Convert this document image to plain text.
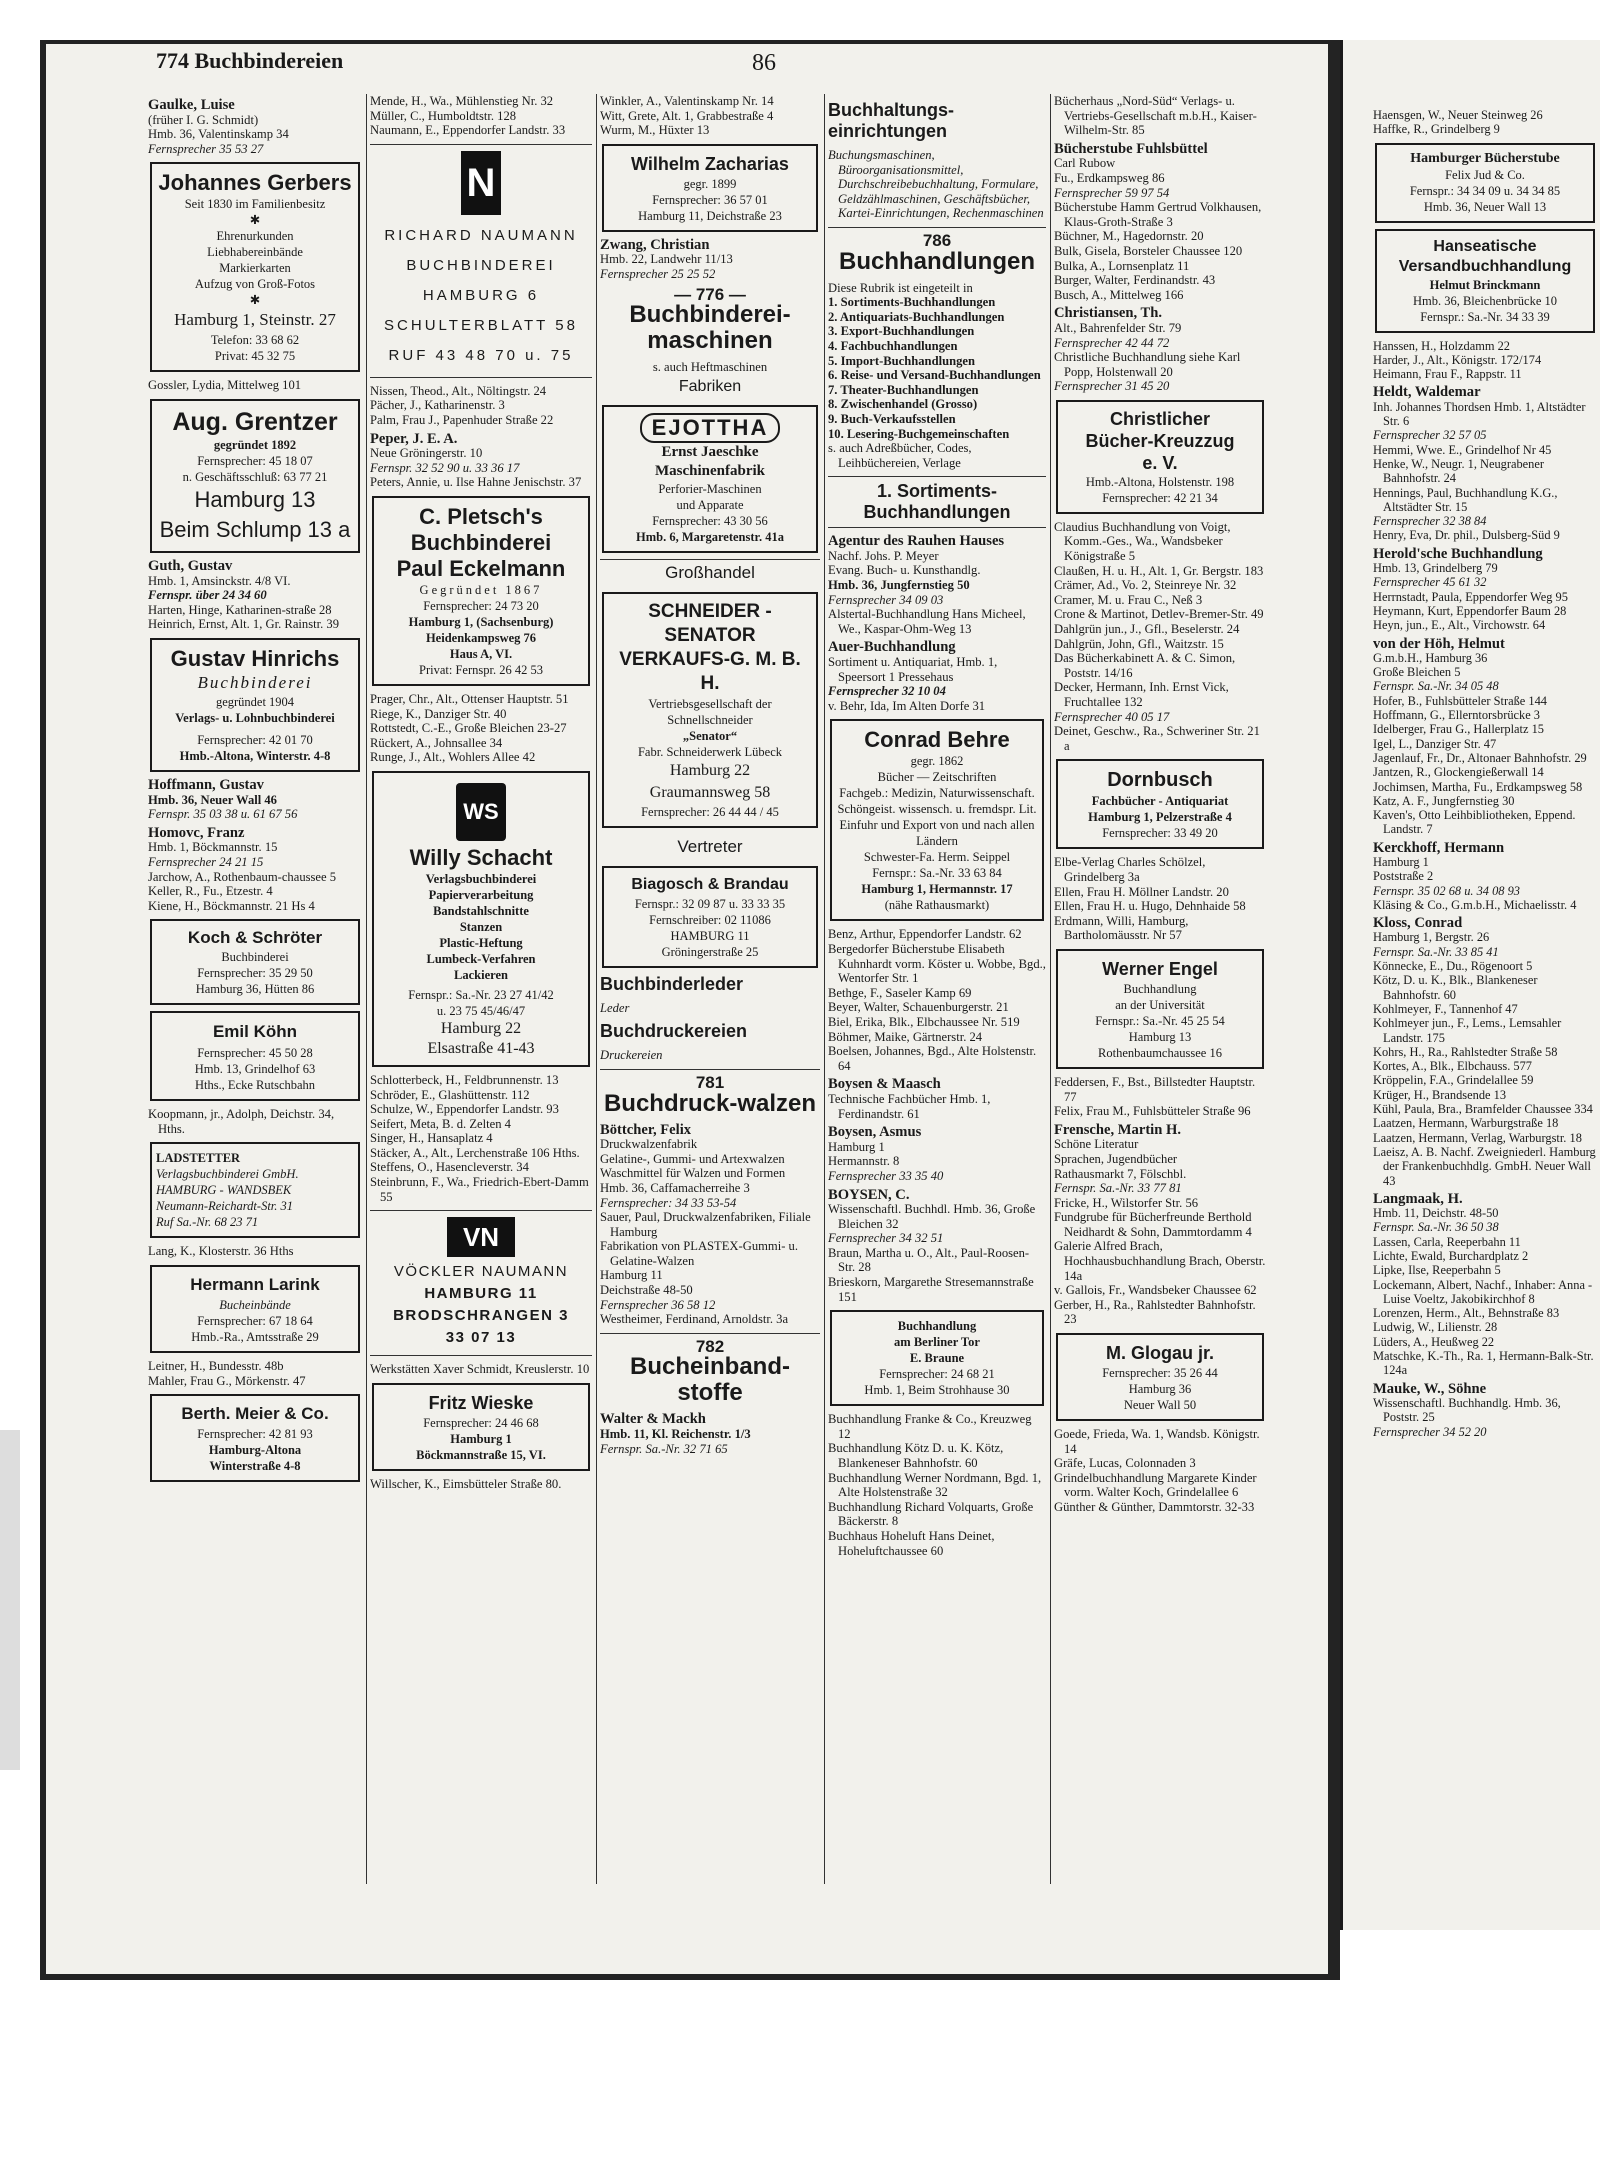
774 Buchbindereien	86
Gaulke, Luise
(früher I. G. Schmidt)
Hmb. 36, Valentinskamp 34
Fernsprecher 35 53 27
Johannes Gerbers
Seit 1830 im Familienbesitz
✱
Ehrenurkunden
Liebhabereinbände
Markierkarten
Aufzug von Groß-Fotos
✱
Hamburg 1, Steinstr. 27
Telefon: 33 68 62
Privat: 45 32 75
Gossler, Lydia, Mittelweg 101
Aug. Grentzer
gegründet 1892
Fernsprecher: 45 18 07
n. Geschäftsschluß: 63 77 21
Hamburg 13
Beim Schlump 13 a
Guth, Gustav
Hmb. 1, Amsinckstr. 4/8 VI.
Fernspr. über 24 34 60
Harten, Hinge, Katharinen-straße 28
Heinrich, Ernst, Alt. 1, Gr. Rainstr. 39
Gustav Hinrichs
Buchbinderei
gegründet 1904
Verlags- u. Lohnbuchbinderei
Fernsprecher: 42 01 70
Hmb.-Altona, Winterstr. 4-8
Hoffmann, Gustav
Hmb. 36, Neuer Wall 46
Fernspr. 35 03 38 u. 61 67 56
Homovc, Franz
Hmb. 1, Böckmannstr. 15
Fernsprecher 24 21 15
Jarchow, A., Rothenbaum-chaussee 5
Keller, R., Fu., Etzestr. 4
Kiene, H., Böckmannstr. 21 Hs 4
Koch & Schröter
Buchbinderei
Fernsprecher: 35 29 50
Hamburg 36, Hütten 86
Emil Köhn
Fernsprecher: 45 50 28
Hmb. 13, Grindelhof 63
Hths., Ecke Rutschbahn
Koopmann, jr., Adolph, Deichstr. 34, Hths.
LADSTETTER
Verlagsbuchbinderei GmbH.
HAMBURG - WANDSBEK
Neumann-Reichardt-Str. 31
Ruf Sa.-Nr. 68 23 71
Lang, K., Klosterstr. 36 Hths
Hermann Larink
Bucheinbände
Fernsprecher: 67 18 64
Hmb.-Ra., Amtsstraße 29
Leitner, H., Bundesstr. 48b
Mahler, Frau G., Mörkenstr. 47
Berth. Meier & Co.
Fernsprecher: 42 81 93
Hamburg-Altona
Winterstraße 4-8
Mende, H., Wa., Mühlenstieg Nr. 32
Müller, C., Humboldtstr. 128
Naumann, E., Eppendorfer Landstr. 33
N
RICHARD NAUMANN
BUCHBINDEREI
HAMBURG 6
SCHULTERBLATT 58
RUF 43 48 70 u. 75
Nissen, Theod., Alt., Nöltingstr. 24
Pächer, J., Katharinenstr. 3
Palm, Frau J., Papenhuder Straße 22
Peper, J. E. A.
Neue Gröningerstr. 10
Fernspr. 32 52 90 u. 33 36 17
Peters, Annie, u. Ilse Hahne Jenischstr. 37
C. Pletsch's
Buchbinderei
Paul Eckelmann
Gegründet 1867
Fernsprecher: 24 73 20
Hamburg 1, (Sachsenburg)
Heidenkampsweg 76
Haus A, VI.
Privat: Fernspr. 26 42 53
Prager, Chr., Alt., Ottenser Hauptstr. 51
Riege, K., Danziger Str. 40
Rottstedt, C.-E., Große Bleichen 23-27
Rückert, A., Johnsallee 34
Runge, J., Alt., Wohlers Allee 42
WS
Willy Schacht
Verlagsbuchbinderei
Papierverarbeitung
Bandstahlschnitte
Stanzen
Plastic-Heftung
Lumbeck-Verfahren
Lackieren
Fernspr.: Sa.-Nr. 23 27 41/42
u. 23 75 45/46/47
Hamburg 22
Elsastraße 41-43
Schlotterbeck, H., Feldbrunnenstr. 13
Schröder, E., Glashüttenstr. 112
Schulze, W., Eppendorfer Landstr. 93
Seifert, Meta, B. d. Zelten 4
Singer, H., Hansaplatz 4
Stäcker, A., Alt., Lerchenstraße 106 Hths.
Steffens, O., Hasencleverstr. 34
Steinbrunn, F., Wa., Friedrich-Ebert-Damm 55
VN
VÖCKLER NAUMANN
HAMBURG 11
BRODSCHRANGEN 3
33 07 13
Werkstätten Xaver Schmidt, Kreuslerstr. 10
Fritz Wieske
Fernsprecher: 24 46 68
Hamburg 1
Böckmannstraße 15, VI.
Willscher, K., Eimsbütteler Straße 80.
Winkler, A., Valentinskamp Nr. 14
Witt, Grete, Alt. 1, Grabbestraße 4
Wurm, M., Hüxter 13
Wilhelm Zacharias
gegr. 1899
Fernsprecher: 36 57 01
Hamburg 11, Deichstraße 23
Zwang, Christian
Hmb. 22, Landwehr 11/13
Fernsprecher 25 25 52
— 776 —
Buchbinderei-maschinen
s. auch Heftmaschinen
Fabriken
EJOTTHA
Ernst Jaeschke
Maschinenfabrik
Perforier-Maschinen
und Apparate
Fernsprecher: 43 30 56
Hmb. 6, Margaretenstr. 41a
Großhandel
SCHNEIDER - SENATOR
VERKAUFS-G. M. B. H.
Vertriebsgesellschaft der
Schnellschneider
„Senator“
Fabr. Schneiderwerk Lübeck
Hamburg 22
Graumannsweg 58
Fernsprecher: 26 44 44 / 45
Vertreter
Biagosch & Brandau
Fernspr.: 32 09 87 u. 33 33 35
Fernschreiber: 02 11086
HAMBURG 11
Gröningerstraße 25
Buchbinderleder
Leder
Buchdruckereien
Druckereien
781
Buchdruck-walzen
Böttcher, Felix
Druckwalzenfabrik
Gelatine-, Gummi- und Artexwalzen
Waschmittel für Walzen und Formen
Hmb. 36, Caffamacherreihe 3
Fernsprecher: 34 33 53-54
Sauer, Paul, Druckwalzenfabriken, Filiale Hamburg
Fabrikation von PLASTEX-Gummi- u. Gelatine-Walzen
Hamburg 11
Deichstraße 48-50
Fernsprecher 36 58 12
Westheimer, Ferdinand, Arnoldstr. 3a
782
Bucheinband-stoffe
Walter & Mackh
Hmb. 11, Kl. Reichenstr. 1/3
Fernspr. Sa.-Nr. 32 71 65
Buchhaltungs-einrichtungen
Buchungsmaschinen, Büroorganisationsmittel, Durchschreibebuchhaltung, Formulare, Geldzählmaschinen, Geschäftsbücher, Kartei-Einrichtungen, Rechenmaschinen
786
Buchhandlungen
Diese Rubrik ist eingeteilt in
1. Sortiments-Buchhandlungen
2. Antiquariats-Buchhandlungen
3. Export-Buchhandlungen
4. Fachbuchhandlungen
5. Import-Buchhandlungen
6. Reise- und Versand-Buchhandlungen
7. Theater-Buchhandlungen
8. Zwischenhandel (Grosso)
9. Buch-Verkaufsstellen
10. Lesering-Buchgemeinschaften
s. auch Adreßbücher, Codes, Leihbüchereien, Verlage
1. Sortiments-Buchhandlungen
Agentur des Rauhen Hauses
Nachf. Johs. P. Meyer
Evang. Buch- u. Kunsthandlg.
Hmb. 36, Jungfernstieg 50
Fernsprecher 34 09 03
Alstertal-Buchhandlung Hans Micheel, We., Kaspar-Ohm-Weg 13
Auer-Buchhandlung
Sortiment u. Antiquariat, Hmb. 1, Speersort 1 Pressehaus
Fernsprecher 32 10 04
v. Behr, Ida, Im Alten Dorfe 31
Conrad Behre
gegr. 1862
Bücher — Zeitschriften
Fachgeb.: Medizin, Naturwissenschaft. Schöngeist. wissensch. u. fremdspr. Lit.
Einfuhr und Export von und nach allen Ländern
Schwester-Fa. Herm. Seippel
Fernspr.: Sa.-Nr. 33 63 84
Hamburg 1, Hermannstr. 17
(nähe Rathausmarkt)
Benz, Arthur, Eppendorfer Landstr. 62
Bergedorfer Bücherstube Elisabeth Kuhnhardt vorm. Köster u. Wobbe, Bgd., Wentorfer Str. 1
Bethge, F., Saseler Kamp 69
Beyer, Walter, Schauenburgerstr. 21
Biel, Erika, Blk., Elbchaussee Nr. 519
Böhmer, Maike, Gärtnerstr. 24
Boelsen, Johannes, Bgd., Alte Holstenstr. 64
Boysen & Maasch
Technische Fachbücher Hmb. 1, Ferdinandstr. 61
Boysen, Asmus
Hamburg 1
Hermannstr. 8
Fernsprecher 33 35 40
BOYSEN, C.
Wissenschaftl. Buchhdl. Hmb. 36, Große Bleichen 32
Fernsprecher 34 32 51
Braun, Martha u. O., Alt., Paul-Roosen-Str. 28
Brieskorn, Margarethe Stresemannstraße 151
Buchhandlung
am Berliner Tor
E. Braune
Fernsprecher: 24 68 21
Hmb. 1, Beim Strohhause 30
Buchhandlung Franke & Co., Kreuzweg 12
Buchhandlung Kötz D. u. K. Kötz, Blankeneser Bahnhofstr. 60
Buchhandlung Werner Nordmann, Bgd. 1, Alte Holstenstraße 32
Buchhandlung Richard Volquarts, Große Bäckerstr. 8
Buchhaus Hoheluft Hans Deinet, Hoheluftchaussee 60
Bücherhaus „Nord-Süd“ Verlags- u. Vertriebs-Gesellschaft m.b.H., Kaiser-Wilhelm-Str. 85
Bücherstube Fuhlsbüttel
Carl Rubow
Fu., Erdkampsweg 86
Fernsprecher 59 97 54
Bücherstube Hamm Gertrud Volkhausen, Klaus-Groth-Straße 3
Büchner, M., Hagedornstr. 20
Bulk, Gisela, Borsteler Chaussee 120
Bulka, A., Lornsenplatz 11
Burger, Walter, Ferdinandstr. 43
Busch, A., Mittelweg 166
Christiansen, Th.
Alt., Bahrenfelder Str. 79
Fernsprecher 42 44 72
Christliche Buchhandlung siehe Karl Popp, Holstenwall 20
Fernsprecher 31 45 20
Christlicher
Bücher-Kreuzzug
e. V.
Hmb.-Altona, Holstenstr. 198
Fernsprecher: 42 21 34
Claudius Buchhandlung von Voigt, Komm.-Ges., Wa., Wandsbeker Königstraße 5
Claußen, H. u. H., Alt. 1, Gr. Bergstr. 183
Crämer, Ad., Vo. 2, Steinreye Nr. 32
Cramer, M. u. Frau C., Neß 3
Crone & Martinot, Detlev-Bremer-Str. 49
Dahlgrün jun., J., Gfl., Beselerstr. 24
Dahlgrün, John, Gfl., Waitzstr. 15
Das Bücherkabinett A. & C. Simon, Poststr. 14/16
Decker, Hermann, Inh. Ernst Vick, Fruchtallee 132
Fernsprecher 40 05 17
Deinet, Geschw., Ra., Schweriner Str. 21 a
Dornbusch
Fachbücher - Antiquariat
Hamburg 1, Pelzerstraße 4
Fernsprecher: 33 49 20
Elbe-Verlag Charles Schölzel, Grindelberg 3a
Ellen, Frau H. Möllner Landstr. 20
Ellen, Frau H. u. Hugo, Dehnhaide 58
Erdmann, Willi, Hamburg, Bartholomäusstr. Nr 57
Werner Engel
Buchhandlung
an der Universität
Fernspr.: Sa.-Nr. 45 25 54
Hamburg 13
Rothenbaumchaussee 16
Feddersen, F., Bst., Billstedter Hauptstr. 77
Felix, Frau M., Fuhlsbütteler Straße 96
Frensche, Martin H.
Schöne Literatur
Sprachen, Jugendbücher
Rathausmarkt 7, Fölschbl.
Fernspr. Sa.-Nr. 33 77 81
Fricke, H., Wilstorfer Str. 56
Fundgrube für Bücherfreunde Berthold Neidhardt & Sohn, Dammtordamm 4
Galerie Alfred Brach, Hochhausbuchhandlung Brach, Oberstr. 14a
v. Gallois, Fr., Wandsbeker Chaussee 62
Gerber, H., Ra., Rahlstedter Bahnhofstr. 23
M. Glogau jr.
Fernsprecher: 35 26 44
Hamburg 36
Neuer Wall 50
Goede, Frieda, Wa. 1, Wandsb. Königstr. 14
Gräfe, Lucas, Colonnaden 3
Grindelbuchhandlung Margarete Kinder vorm. Walter Koch, Grindelallee 6
Günther & Günther, Dammtorstr. 32-33
Haensgen, W., Neuer Steinweg 26
Haffke, R., Grindelberg 9
Hamburger Bücherstube
Felix Jud & Co.
Fernspr.: 34 34 09 u. 34 34 85
Hmb. 36, Neuer Wall 13
Hanseatische
Versandbuchhandlung
Helmut Brinckmann
Hmb. 36, Bleichenbrücke 10
Fernspr.: Sa.-Nr. 34 33 39
Hanssen, H., Holzdamm 22
Harder, J., Alt., Königstr. 172/174
Heimann, Frau F., Rappstr. 11
Heldt, Waldemar
Inh. Johannes Thordsen Hmb. 1, Altstädter Str. 6
Fernsprecher 32 57 05
Hemmi, Wwe. E., Grindelhof Nr 45
Henke, W., Neugr. 1, Neugrabener Bahnhofstr. 24
Hennings, Paul, Buchhandlung K.G., Altstädter Str. 15
Fernsprecher 32 38 84
Henry, Eva, Dr. phil., Dulsberg-Süd 9
Herold'sche Buchhandlung
Hmb. 13, Grindelberg 79
Fernsprecher 45 61 32
Herrnstadt, Paula, Eppendorfer Weg 95
Heymann, Kurt, Eppendorfer Baum 28
Heyn, jun., E., Alt., Virchowstr. 64
von der Höh, Helmut
G.m.b.H., Hamburg 36
Große Bleichen 5
Fernspr. Sa.-Nr. 34 05 48
Hofer, B., Fuhlsbütteler Straße 144
Hoffmann, G., Ellerntorsbrücke 3
Idelberger, Frau G., Hallerplatz 15
Igel, L., Danziger Str. 47
Jagenlauf, Fr., Dr., Altonaer Bahnhofstr. 29
Jantzen, R., Glockengießerwall 14
Jochimsen, Martha, Fu., Erdkampsweg 58
Katz, A. F., Jungfernstieg 30
Kaven's, Otto Leihbibliotheken, Eppend. Landstr. 7
Kerckhoff, Hermann
Hamburg 1
Poststraße 2
Fernspr. 35 02 68 u. 34 08 93
Kläsing & Co., G.m.b.H., Michaelisstr. 4
Kloss, Conrad
Hamburg 1, Bergstr. 26
Fernspr. Sa.-Nr. 33 85 41
Könnecke, E., Du., Rögenoort 5
Kötz, D. u. K., Blk., Blankeneser Bahnhofstr. 60
Kohlmeyer, F., Tannenhof 47
Kohlmeyer jun., F., Lems., Lemsahler Landstr. 175
Kohrs, H., Ra., Rahlstedter Straße 58
Kortes, A., Blk., Elbchauss. 577
Kröppelin, F.A., Grindelallee 59
Krüger, H., Brandsende 13
Kühl, Paula, Bra., Bramfelder Chaussee 334
Laatzen, Hermann, Warburgstraße 18
Laatzen, Hermann, Verlag, Warburgstr. 18
Laeisz, A. B. Nachf. Zweigniederl. Hamburg der Frankenbuchhdlg. GmbH. Neuer Wall 43
Langmaak, H.
Hmb. 11, Deichstr. 48-50
Fernspr. Sa.-Nr. 36 50 38
Lassen, Carla, Reeperbahn 11
Lichte, Ewald, Burchardplatz 2
Lipke, Ilse, Reeperbahn 5
Lockemann, Albert, Nachf., Inhaber: Anna - Luise Voeltz, Jakobikirchhof 8
Lorenzen, Herm., Alt., Behnstraße 83
Ludwig, W., Lilienstr. 28
Lüders, A., Heußweg 22
Matschke, K.-Th., Ra. 1, Hermann-Balk-Str. 124a
Mauke, W., Söhne
Wissenschaftl. Buchhandlg. Hmb. 36, Poststr. 25
Fernsprecher 34 52 20
